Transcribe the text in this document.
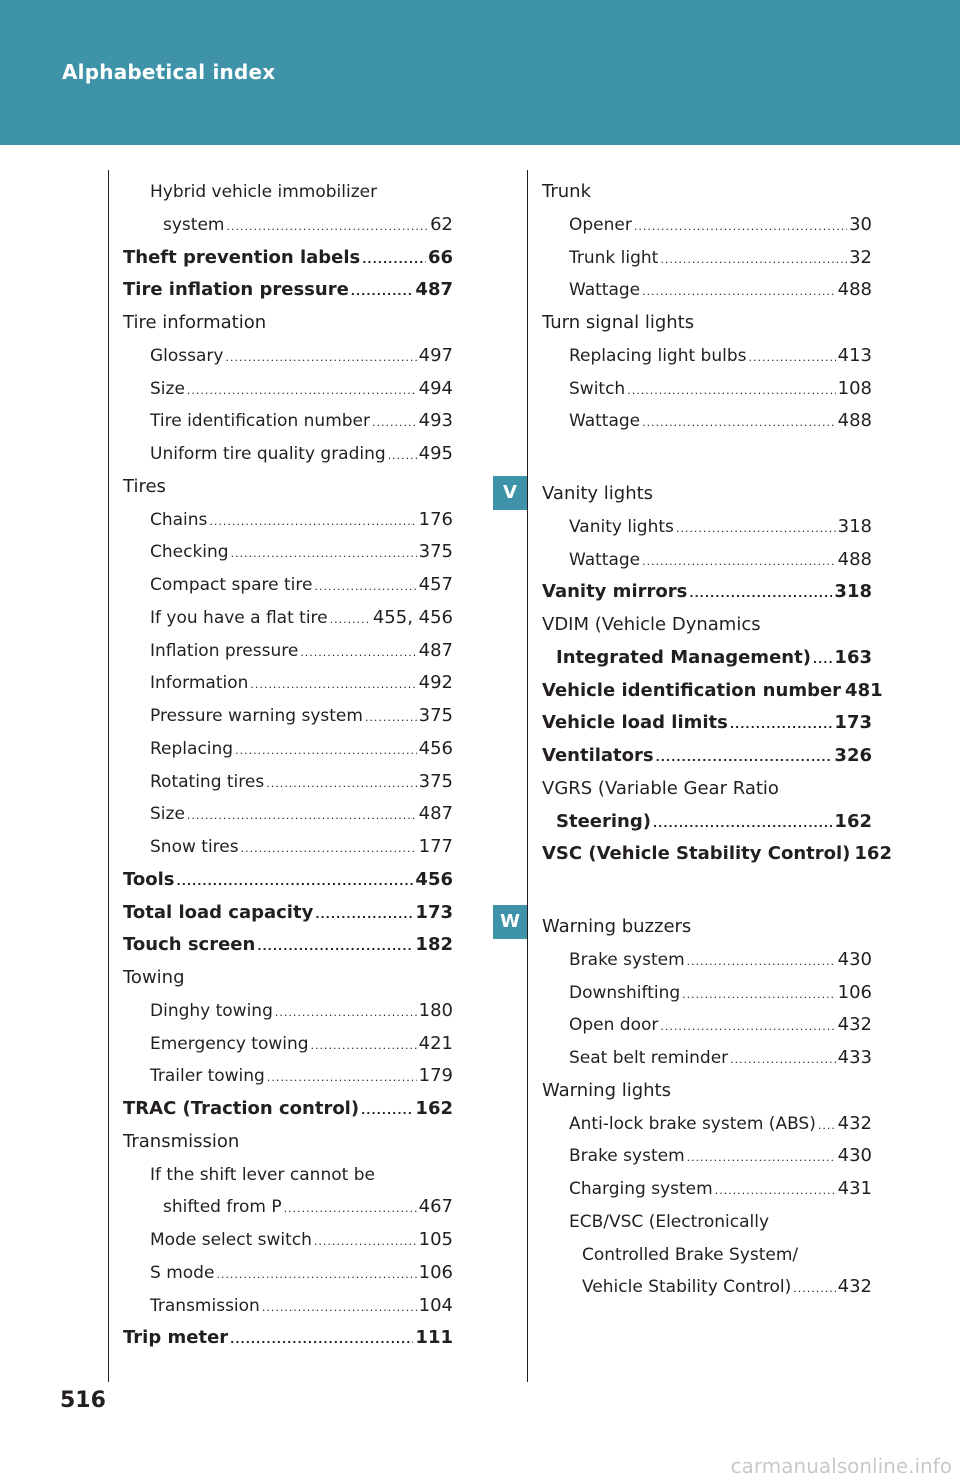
Alphabetical index
Hybrid vehicle immobilizer
system .....	62
Theft prevention labels .....	66
Tire inflation pressure .....	487
Tire information
Glossary .....	497
Size .....	494
Tire identification number .....	493
Uniform tire quality grading ..... 495
Tires
Chains .....	176
Checking .....	375
Compact spare tire .....	457
If you have a flat tire .....	455, 456
Inflation pressure .....	487
Information .....	492
Pressure warning system .....	375
Replacing .....	456
Rotating tires .....	375
Size .....	487
Snow tires .....	177
Tools .....	456
Total load capacity .....	173
Touch screen .....	182
Towing
Dinghy towing .....	180
Emergency towing .....	421
Trailer towing .....	179
TRAC (Traction control) .....	162
Transmission
If the shift lever cannot be
shifted from P .....	467
Mode select switch .....	105
S mode .....	106
Transmission .....	104
Trip meter .....	111
Trunk
Opener .....	30
Trunk light .....	32
Wattage .....	488
Turn signal lights
Replacing light bulbs .....	413
Switch .....	108
Wattage .....	488
Vanity lights
Vanity lights .....	318
Wattage .....	488
Vanity mirrors .....	318
VDIM (Vehicle Dynamics
Integrated Management) ..... 163
Vehicle identification number 481
Vehicle load limits .....	173
Ventilators .....	326
VGRS (Variable Gear Ratio
Steering) .....	162
VSC (Vehicle Stability Control) 162
Warning buzzers
Brake system .....	430
Downshifting .....	106
Open door .....	432
Seat belt reminder .....	433
Warning lights
Anti-lock brake system (ABS) ..... 432
Brake system .....	430
Charging system .....	431
ECB/VSC (Electronically
Controlled Brake System/
Vehicle Stability Control) .....	432
V
W
516
carmanualsonline.info
